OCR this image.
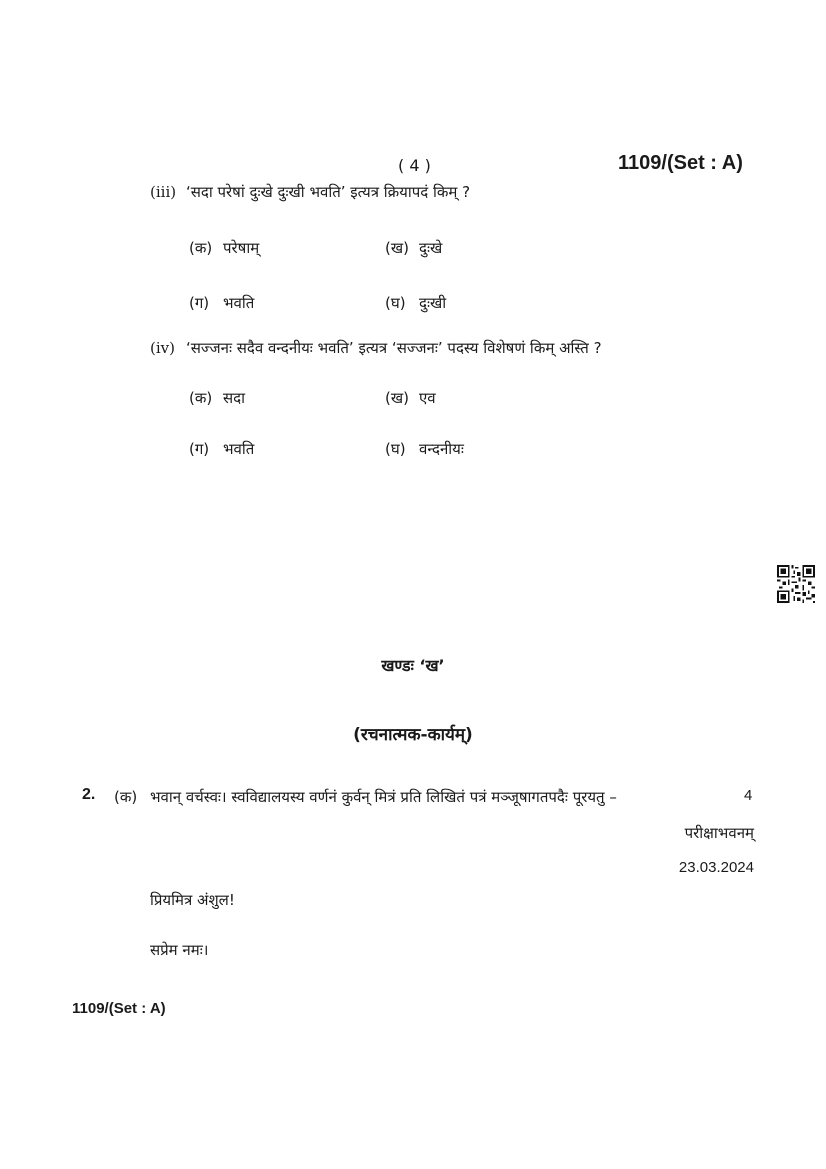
( 4 )	1109/(Set : A)
(iii) ‘सदा परेषां दुःखे दुःखी भवति’ इत्यत्र क्रियापदं किम् ?
(क) परेषाम्	(ख) दुःखे
(ग) भवति	(घ) दुःखी
(iv) ‘सज्जनः सदैव वन्दनीयः भवति’ इत्यत्र ‘सज्जनः’ पदस्य विशेषणं किम् अस्ति ?
(क) सदा	(ख) एव
(ग) भवति	(घ) वन्दनीयः
खण्डः ‘ख’
(रचनात्मक-कार्यम्)
2. (क) भवान् वर्चस्वः। स्वविद्यालयस्य वर्णनं कुर्वन् मित्रं प्रति लिखितं पत्रं मञ्जूषागतपदैः पूरयतु –	4
परीक्षाभवनम्
23.03.2024
प्रियमित्र अंशुल!
सप्रेम नमः।
1109/(Set : A)
